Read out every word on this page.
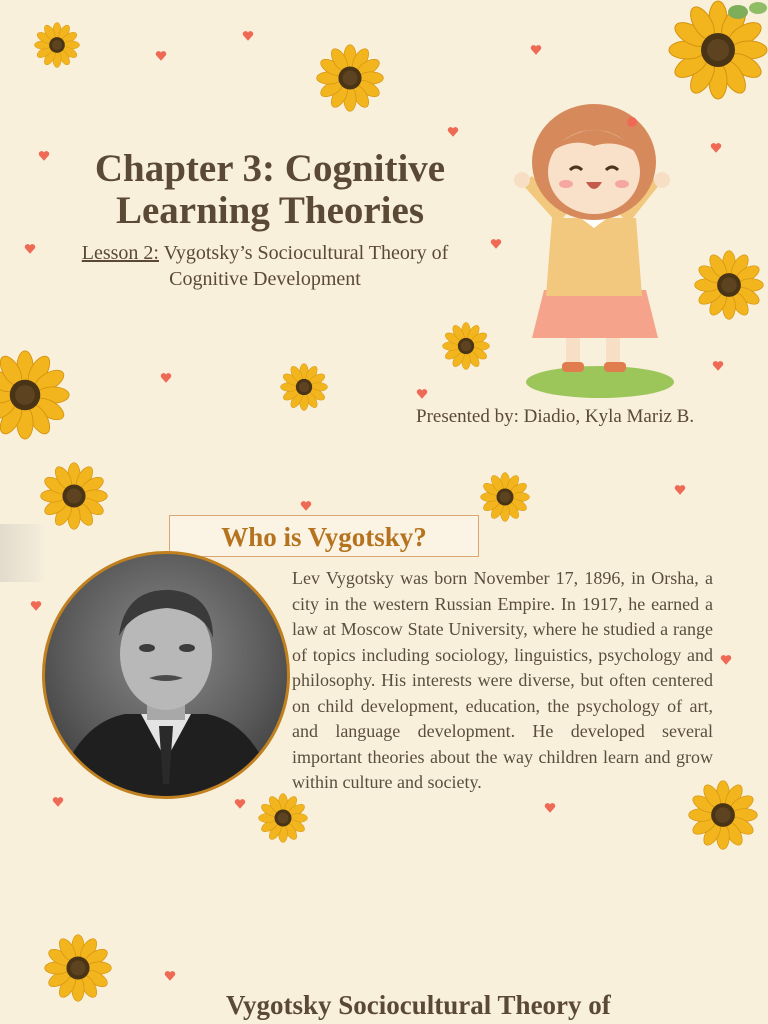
Chapter 3: Cognitive Learning Theories
Lesson 2: Vygotsky’s Sociocultural Theory of Cognitive Development
Presented by: Diadio, Kyla Mariz B.
Who is Vygotsky?
Lev Vygotsky was born November 17, 1896, in Orsha, a city in the western Russian Empire. In 1917, he earned a law at Moscow State University, where he studied a range of topics including sociology, linguistics, psychology and philosophy. His interests were diverse, but often centered on child development, education, the psychology of art, and language development. He developed several important theories about the way children learn and grow within culture and society.
Vygotsky Sociocultural Theory of
